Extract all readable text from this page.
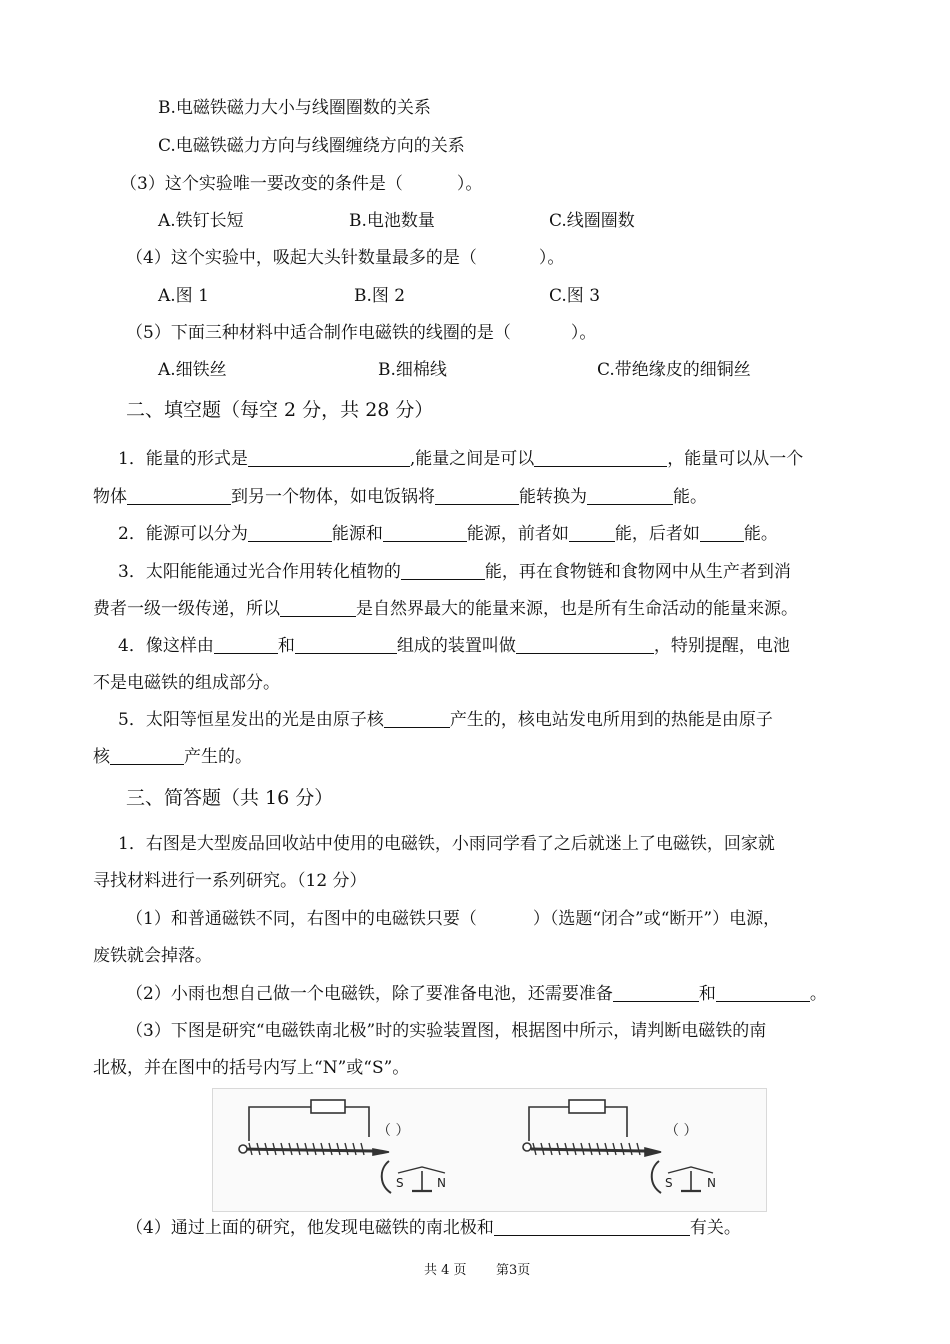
B.电磁铁磁力大小与线圈圈数的关系
C.电磁铁磁力方向与线圈缠绕方向的关系
（3）这个实验唯一要改变的条件是（	）。
A.铁钉长短	B.电池数量	C.线圈圈数
（4）这个实验中，吸起大头针数量最多的是（	）。
A.图 1	B.图 2	C.图 3
（5）下面三种材料中适合制作电磁铁的线圈的是（	）。
A.细铁丝	B.细棉线	C.带绝缘皮的细铜丝
二、填空题（每空 2 分，共 28 分）
1．能量的形式是	,能量之间是可以	，能量可以从一个
物体	到另一个物体，如电饭锅将	能转换为	能。
2．能源可以分为	能源和	能源，前者如	能，后者如	能。
3．太阳能能通过光合作用转化植物的	能，再在食物链和食物网中从生产者到消
费者一级一级传递，所以	是自然界最大的能量来源，也是所有生命活动的能量来源。
4．像这样由	和	组成的装置叫做	，特别提醒，电池
不是电磁铁的组成部分。
5．太阳等恒星发出的光是由原子核	产生的，核电站发电所用到的热能是由原子
核	产生的。
三、简答题（共 16 分）
1．右图是大型废品回收站中使用的电磁铁，小雨同学看了之后就迷上了电磁铁，回家就
寻找材料进行一系列研究。（12 分）
（1）和普通磁铁不同，右图中的电磁铁只要（	）（选题“闭合”或“断开”）电源，
废铁就会掉落。
（2）小雨也想自己做一个电磁铁，除了要准备电池，还需要准备	和	。
（3）下图是研究“电磁铁南北极”时的实验装置图，根据图中所示，请判断电磁铁的南
北极，并在图中的括号内写上“N”或“S”。
（ ）
S	N
（ ）
S	N
（4）通过上面的研究，他发现电磁铁的南北极和	有关。
共 4 页 第3页
